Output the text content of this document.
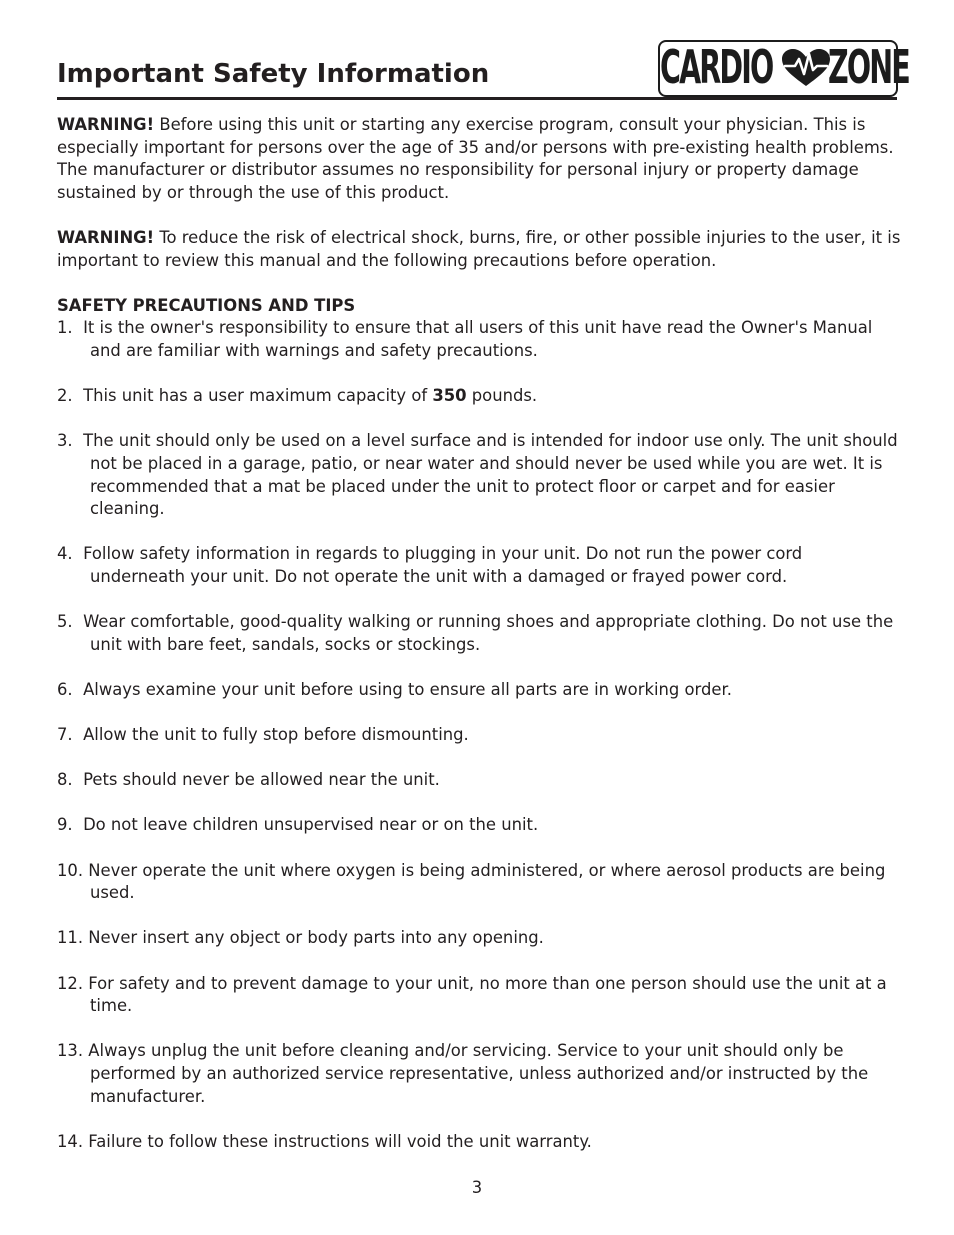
Important Safety Information	CARDIO ZONE

WARNING! Before using this unit or starting any exercise program, consult your physician. This is especially important for persons over the age of 35 and/or persons with pre-existing health problems. The manufacturer or distributor assumes no responsibility for personal injury or property damage sustained by or through the use of this product.

WARNING! To reduce the risk of electrical shock, burns, fire, or other possible injuries to the user, it is important to review this manual and the following precautions before operation.

SAFETY PRECAUTIONS AND TIPS

1. It is the owner's responsibility to ensure that all users of this unit have read the Owner's Manual and are familiar with warnings and safety precautions.
2. This unit has a user maximum capacity of 350 pounds.
3. The unit should only be used on a level surface and is intended for indoor use only. The unit should not be placed in a garage, patio, or near water and should never be used while you are wet. It is recommended that a mat be placed under the unit to protect floor or carpet and for easier cleaning.
4. Follow safety information in regards to plugging in your unit. Do not run the power cord underneath your unit. Do not operate the unit with a damaged or frayed power cord.
5. Wear comfortable, good-quality walking or running shoes and appropriate clothing. Do not use the unit with bare feet, sandals, socks or stockings.
6. Always examine your unit before using to ensure all parts are in working order.
7. Allow the unit to fully stop before dismounting.
8. Pets should never be allowed near the unit.
9. Do not leave children unsupervised near or on the unit.
10. Never operate the unit where oxygen is being administered, or where aerosol products are being used.
11. Never insert any object or body parts into any opening.
12. For safety and to prevent damage to your unit, no more than one person should use the unit at a time.
13. Always unplug the unit before cleaning and/or servicing. Service to your unit should only be performed by an authorized service representative, unless authorized and/or instructed by the manufacturer.
14. Failure to follow these instructions will void the unit warranty.
3
